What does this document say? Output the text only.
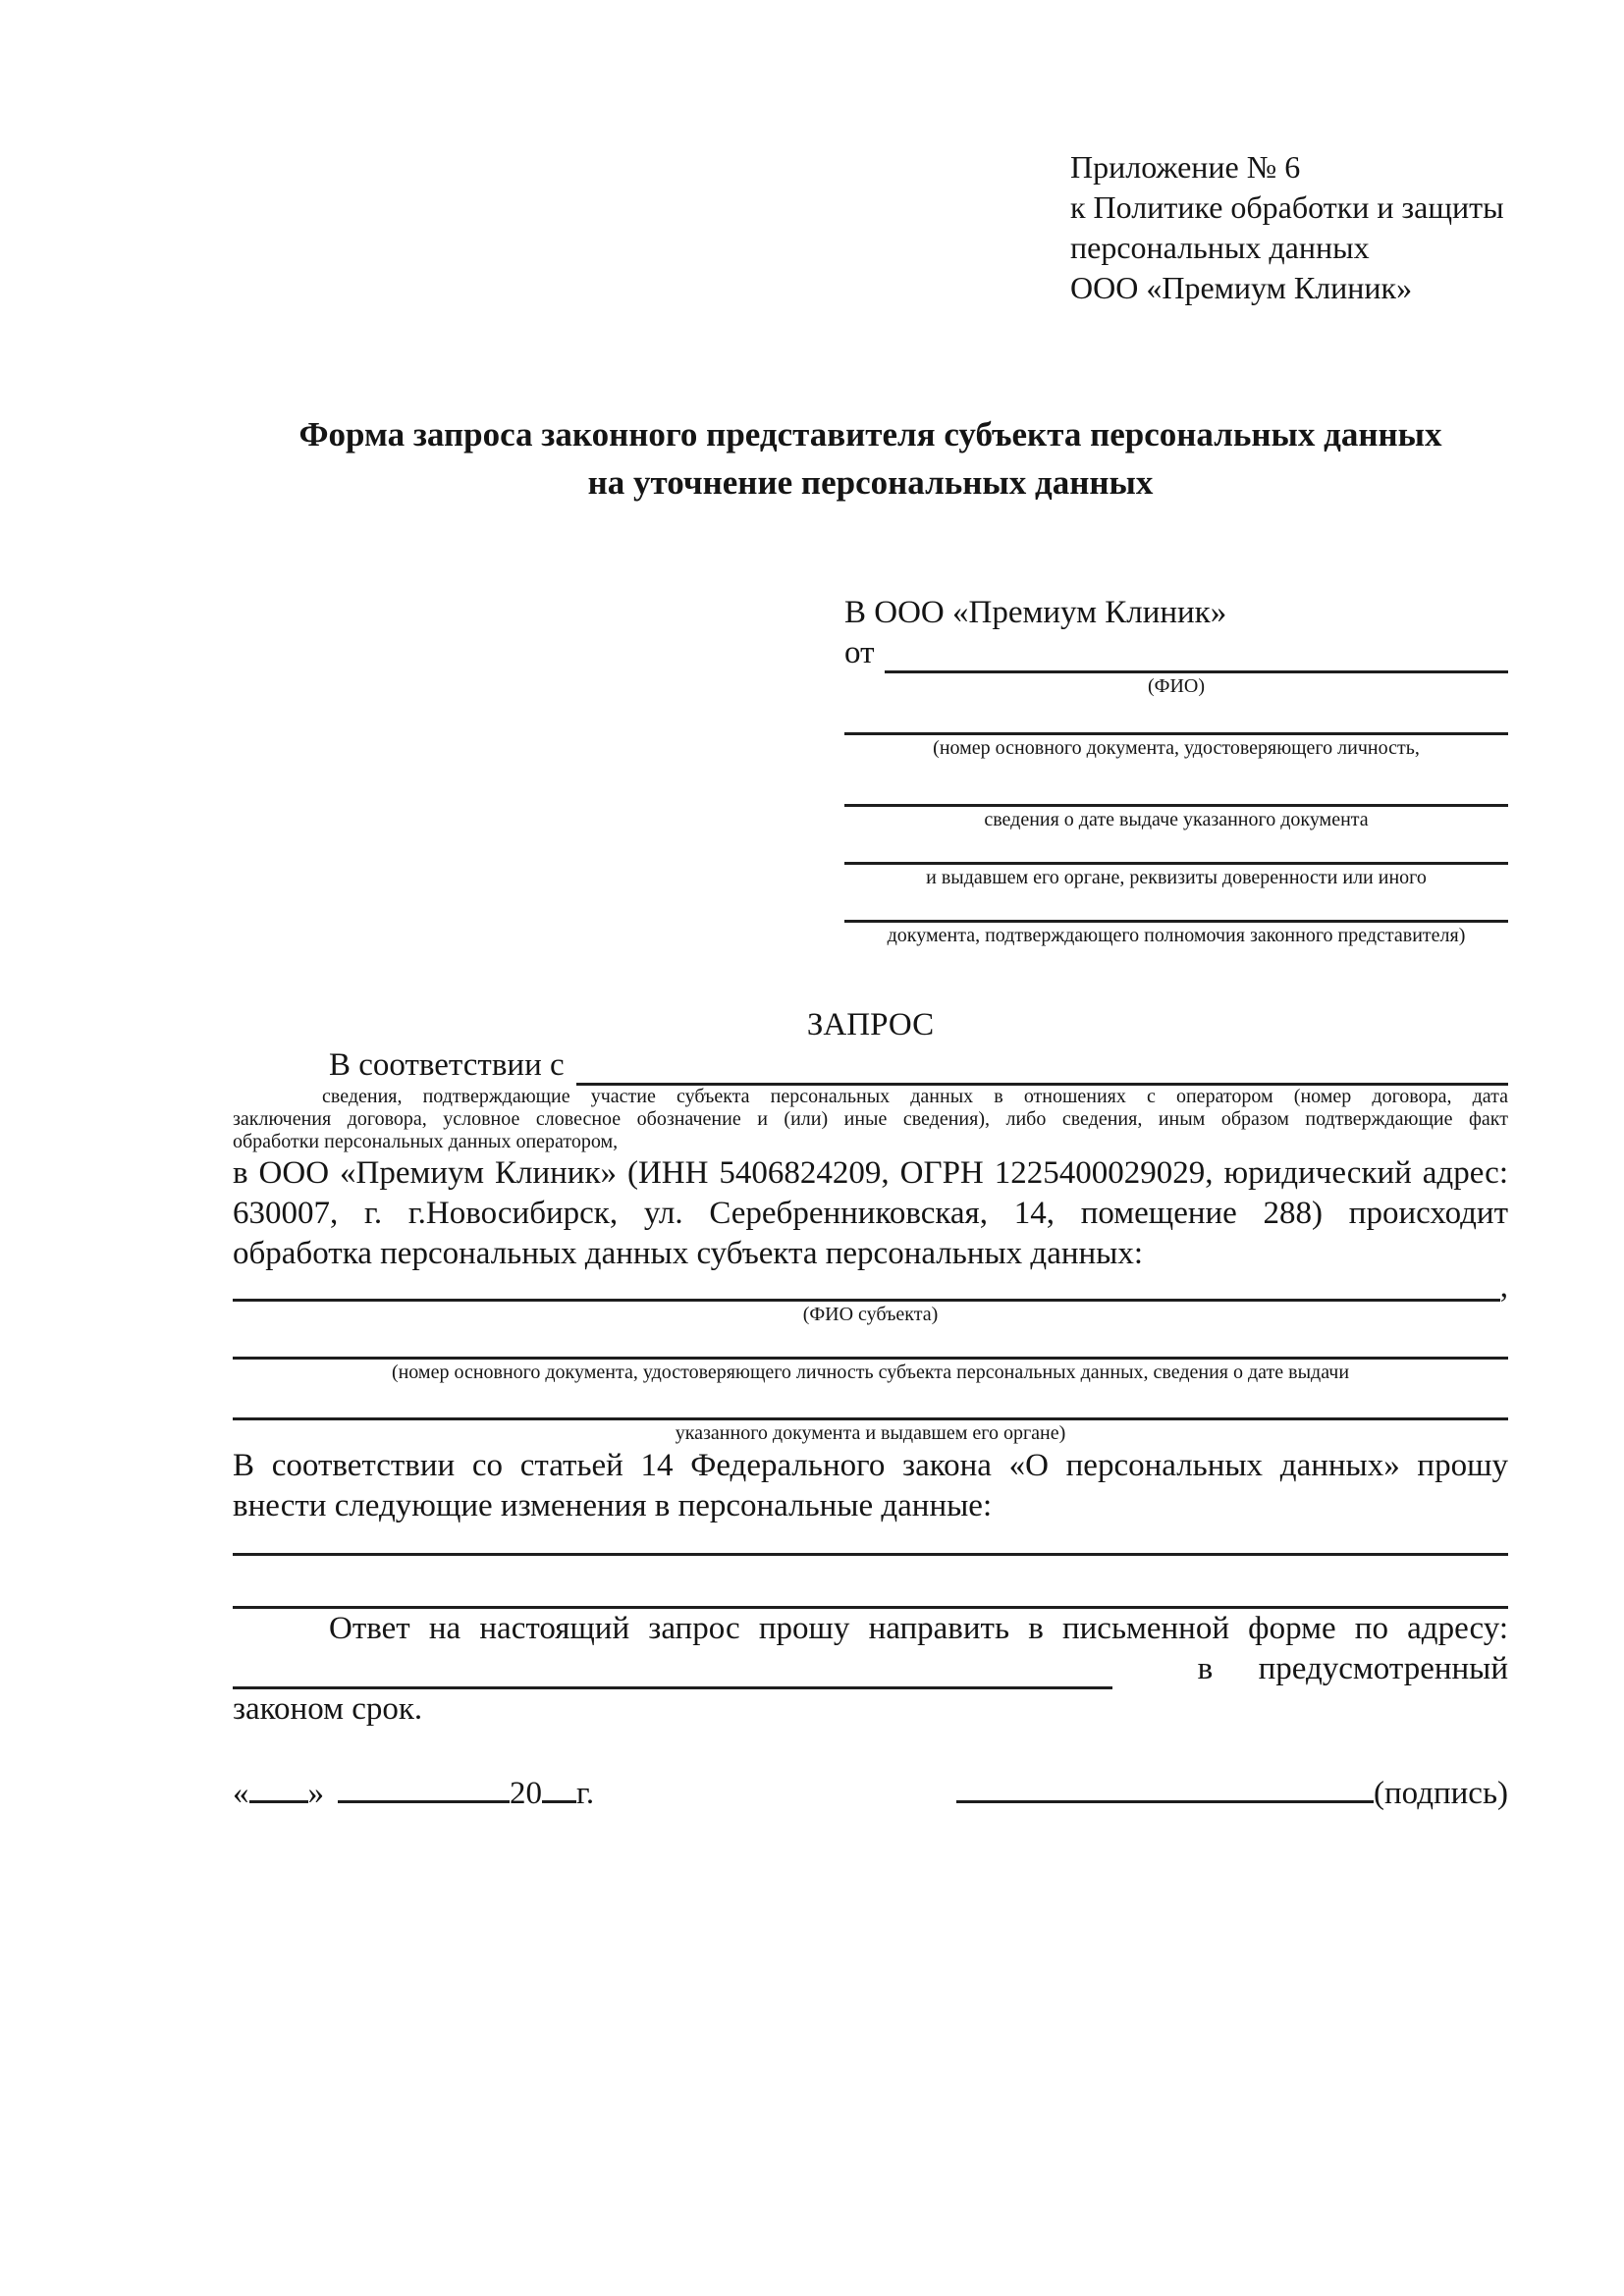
Приложение № 6
к Политике обработки и защиты
персональных данных
ООО «Премиум Клиник»
Форма запроса законного представителя субъекта персональных данных
на уточнение персональных данных
В ООО «Премиум Клиник»
от
(ФИО)
(номер основного документа, удостоверяющего личность,
сведения о дате выдаче указанного документа
и выдавшем его органе, реквизиты доверенности или иного
документа, подтверждающего полномочия законного представителя)
ЗАПРОС
В соответствии с
сведения, подтверждающие участие субъекта персональных данных в отношениях с оператором (номер договора, дата
заключения договора, условное словесное обозначение и (или) иные сведения), либо сведения, иным образом подтверждающие факт
обработки персональных данных оператором,
в ООО «Премиум Клиник» (ИНН 5406824209, ОГРН 1225400029029, юридический адрес:
630007, г. г.Новосибирск, ул. Серебренниковская, 14, помещение 288) происходит
обработка персональных данных субъекта персональных данных:
,
(ФИО субъекта)
(номер основного документа, удостоверяющего личность субъекта персональных данных, сведения о дате выдачи
указанного документа и выдавшем его органе)
В соответствии со статьей 14 Федерального закона «О персональных данных» прошу
внести следующие изменения в персональные данные:
Ответ на настоящий запрос прошу направить в письменной форме по адресу:
в предусмотренный
законом срок.
« »	20 г.	(подпись)
